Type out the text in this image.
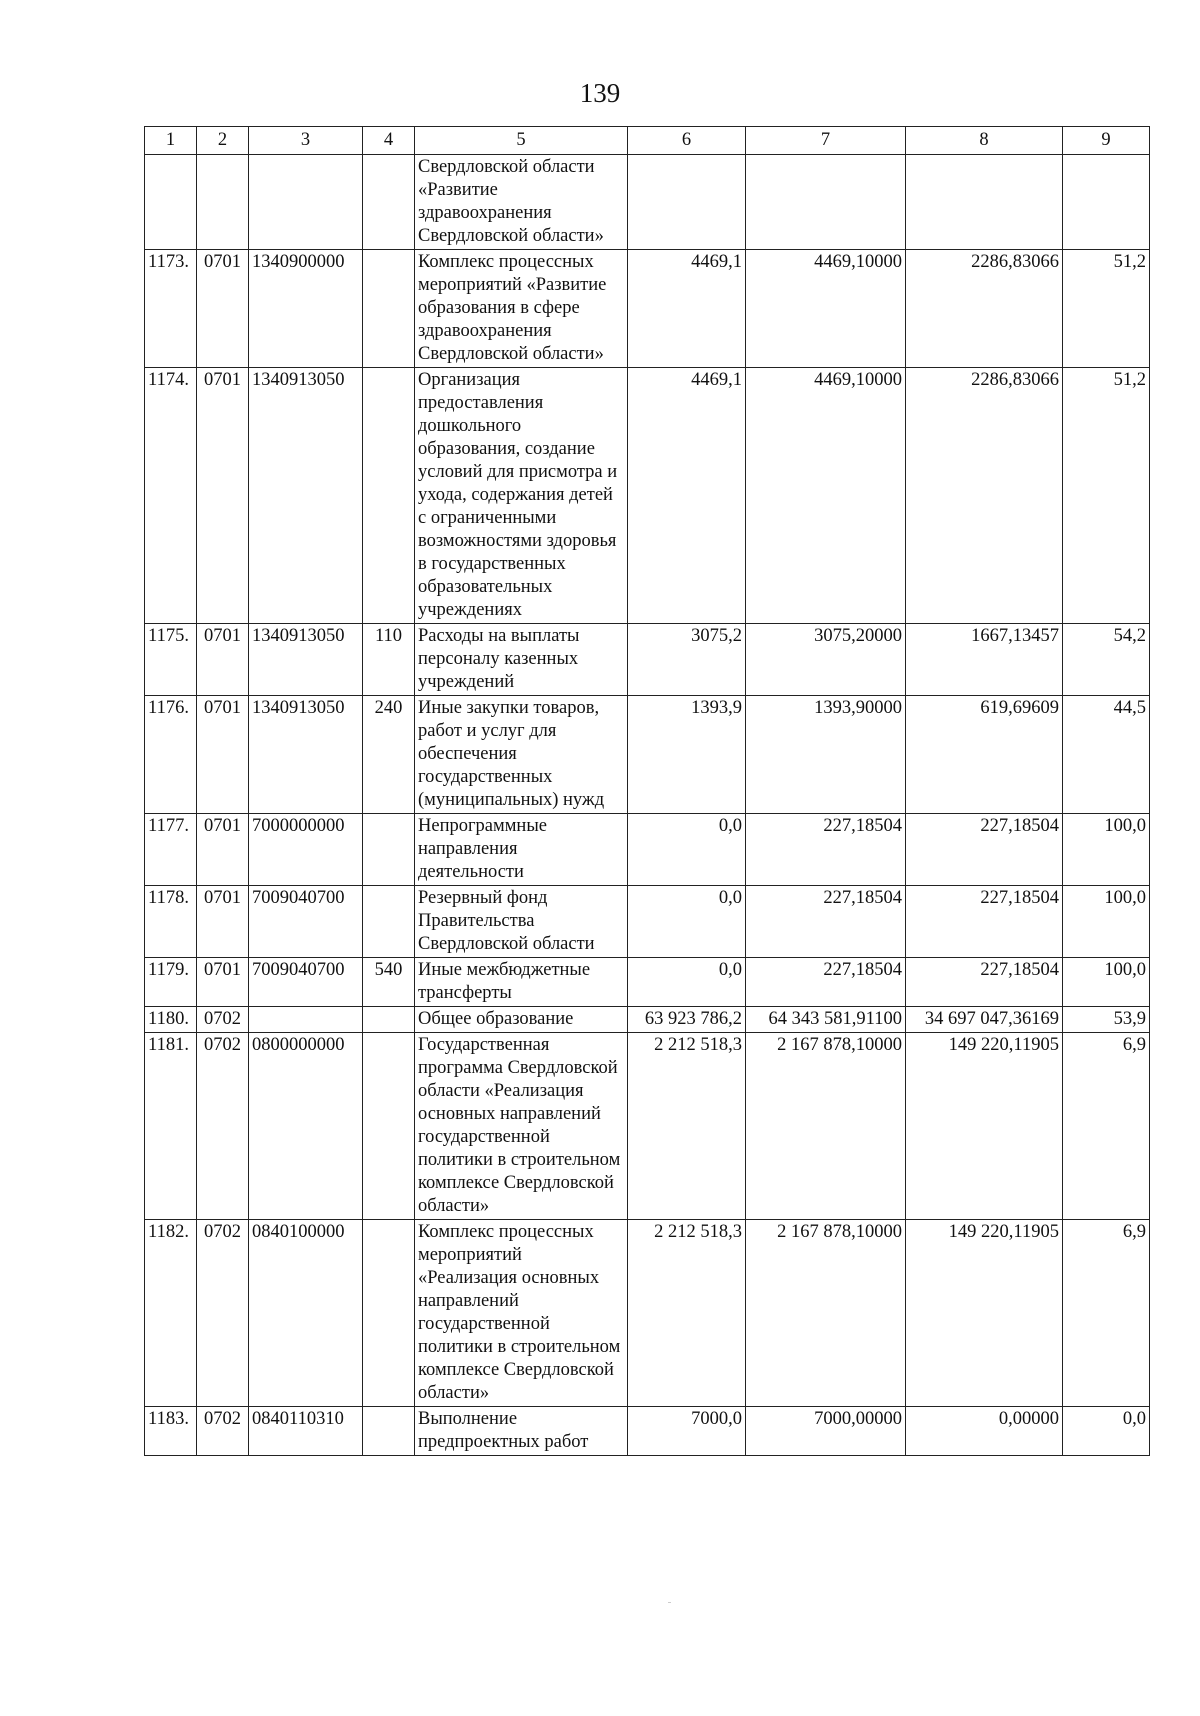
139
1	2	3	4	5	6	7	8	9
				Свердловской области «Развитие здравоохранения Свердловской области»				
1173.	0701	1340900000		Комплекс процессных мероприятий «Развитие образования в сфере здравоохранения Свердловской области»	4469,1	4469,10000	2286,83066	51,2
1174.	0701	1340913050		Организация предоставления дошкольного образования, создание условий для присмотра и ухода, содержания детей с ограниченными возможностями здоровья в государственных образовательных учреждениях	4469,1	4469,10000	2286,83066	51,2
1175.	0701	1340913050	110	Расходы на выплаты персоналу казенных учреждений	3075,2	3075,20000	1667,13457	54,2
1176.	0701	1340913050	240	Иные закупки товаров, работ и услуг для обеспечения государственных (муниципальных) нужд	1393,9	1393,90000	619,69609	44,5
1177.	0701	7000000000		Непрограммные направления деятельности	0,0	227,18504	227,18504	100,0
1178.	0701	7009040700		Резервный фонд Правительства Свердловской области	0,0	227,18504	227,18504	100,0
1179.	0701	7009040700	540	Иные межбюджетные трансферты	0,0	227,18504	227,18504	100,0
1180.	0702			Общее образование	63 923 786,2	64 343 581,91100	34 697 047,36169	53,9
1181.	0702	0800000000		Государственная программа Свердловской области «Реализация основных направлений государственной политики в строительном комплексе Свердловской области»	2 212 518,3	2 167 878,10000	149 220,11905	6,9
1182.	0702	0840100000		Комплекс процессных мероприятий «Реализация основных направлений государственной политики в строительном комплексе Свердловской области»	2 212 518,3	2 167 878,10000	149 220,11905	6,9
1183.	0702	0840110310		Выполнение предпроектных работ	7000,0	7000,00000	0,00000	0,0
